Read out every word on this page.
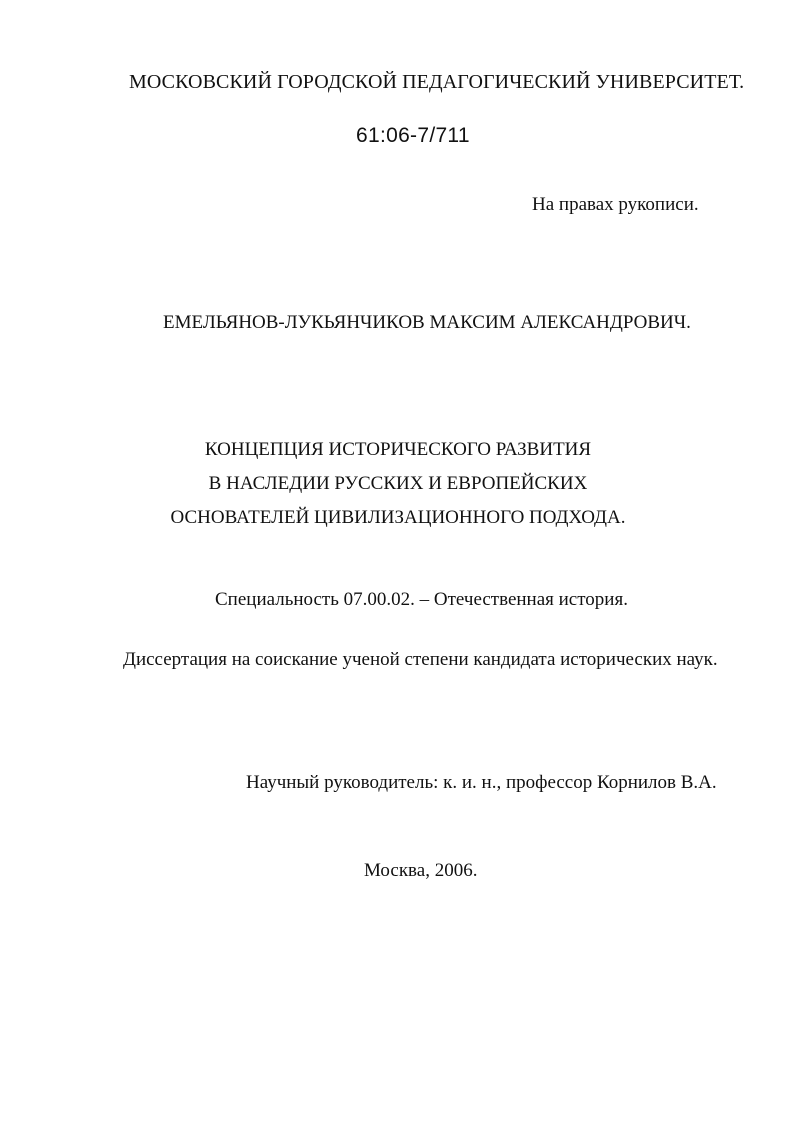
МОСКОВСКИЙ ГОРОДСКОЙ ПЕДАГОГИЧЕСКИЙ УНИВЕРСИТЕТ.
61:06-7/711
На правах рукописи.
ЕМЕЛЬЯНОВ-ЛУКЬЯНЧИКОВ МАКСИМ АЛЕКСАНДРОВИЧ.
КОНЦЕПЦИЯ ИСТОРИЧЕСКОГО РАЗВИТИЯ
В НАСЛЕДИИ РУССКИХ И ЕВРОПЕЙСКИХ
ОСНОВАТЕЛЕЙ ЦИВИЛИЗАЦИОННОГО ПОДХОДА.
Специальность 07.00.02. – Отечественная история.
Диссертация на соискание ученой степени кандидата исторических наук.
Научный руководитель: к. и. н., профессор Корнилов В.А.
Москва, 2006.
